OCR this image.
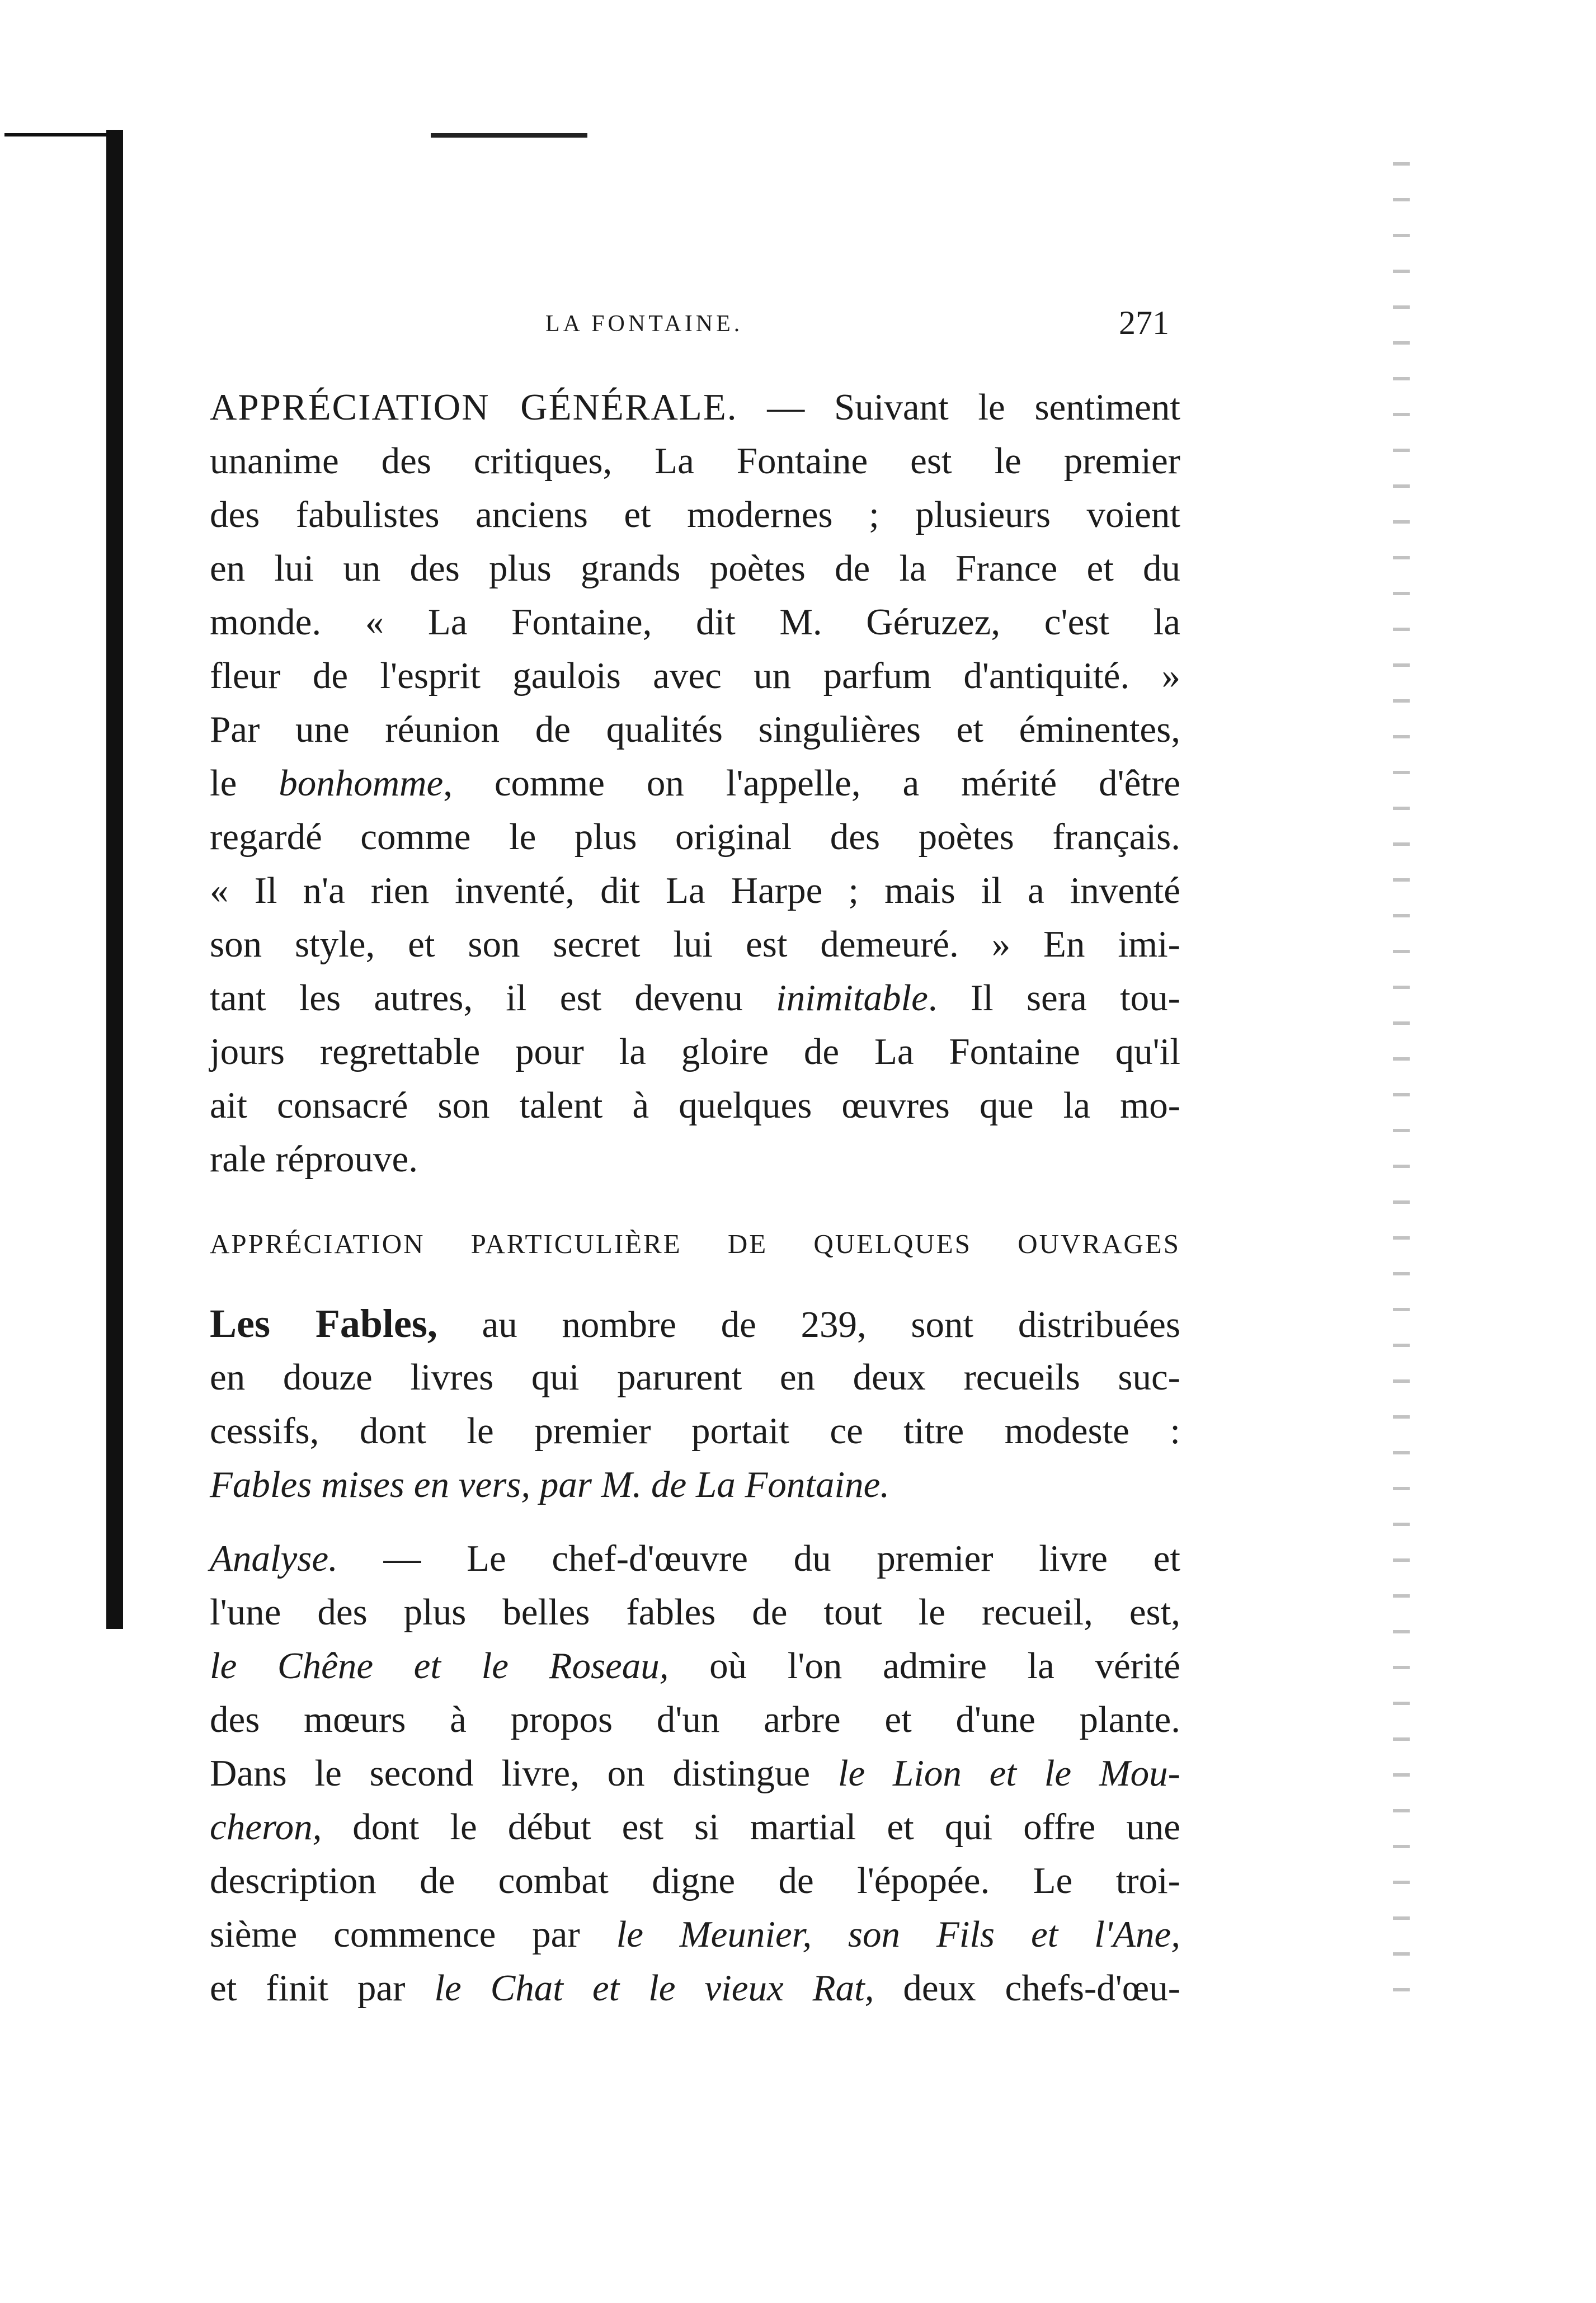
LA FONTAINE.	271
APPRÉCIATION GÉNÉRALE. — Suivant le sentiment
unanime des critiques, La Fontaine est le premier
des fabulistes anciens et modernes ; plusieurs voient
en lui un des plus grands poètes de la France et du
monde. « La Fontaine, dit M. Géruzez, c'est la
fleur de l'esprit gaulois avec un parfum d'antiquité. »
Par une réunion de qualités singulières et éminentes,
le bonhomme, comme on l'appelle, a mérité d'être
regardé comme le plus original des poètes français.
« Il n'a rien inventé, dit La Harpe ; mais il a inventé
son style, et son secret lui est demeuré. » En imi-
tant les autres, il est devenu inimitable. Il sera tou-
jours regrettable pour la gloire de La Fontaine qu'il
ait consacré son talent à quelques œuvres que la mo-
rale réprouve.
APPRÉCIATION PARTICULIÈRE DE QUELQUES OUVRAGES
Les Fables, au nombre de 239, sont distribuées
en douze livres qui parurent en deux recueils suc-
cessifs, dont le premier portait ce titre modeste :
Fables mises en vers, par M. de La Fontaine.
Analyse. — Le chef-d'œuvre du premier livre et
l'une des plus belles fables de tout le recueil, est,
le Chêne et le Roseau, où l'on admire la vérité
des mœurs à propos d'un arbre et d'une plante.
Dans le second livre, on distingue le Lion et le Mou-
cheron, dont le début est si martial et qui offre une
description de combat digne de l'épopée. Le troi-
sième commence par le Meunier, son Fils et l'Ane,
et finit par le Chat et le vieux Rat, deux chefs-d'œu-
